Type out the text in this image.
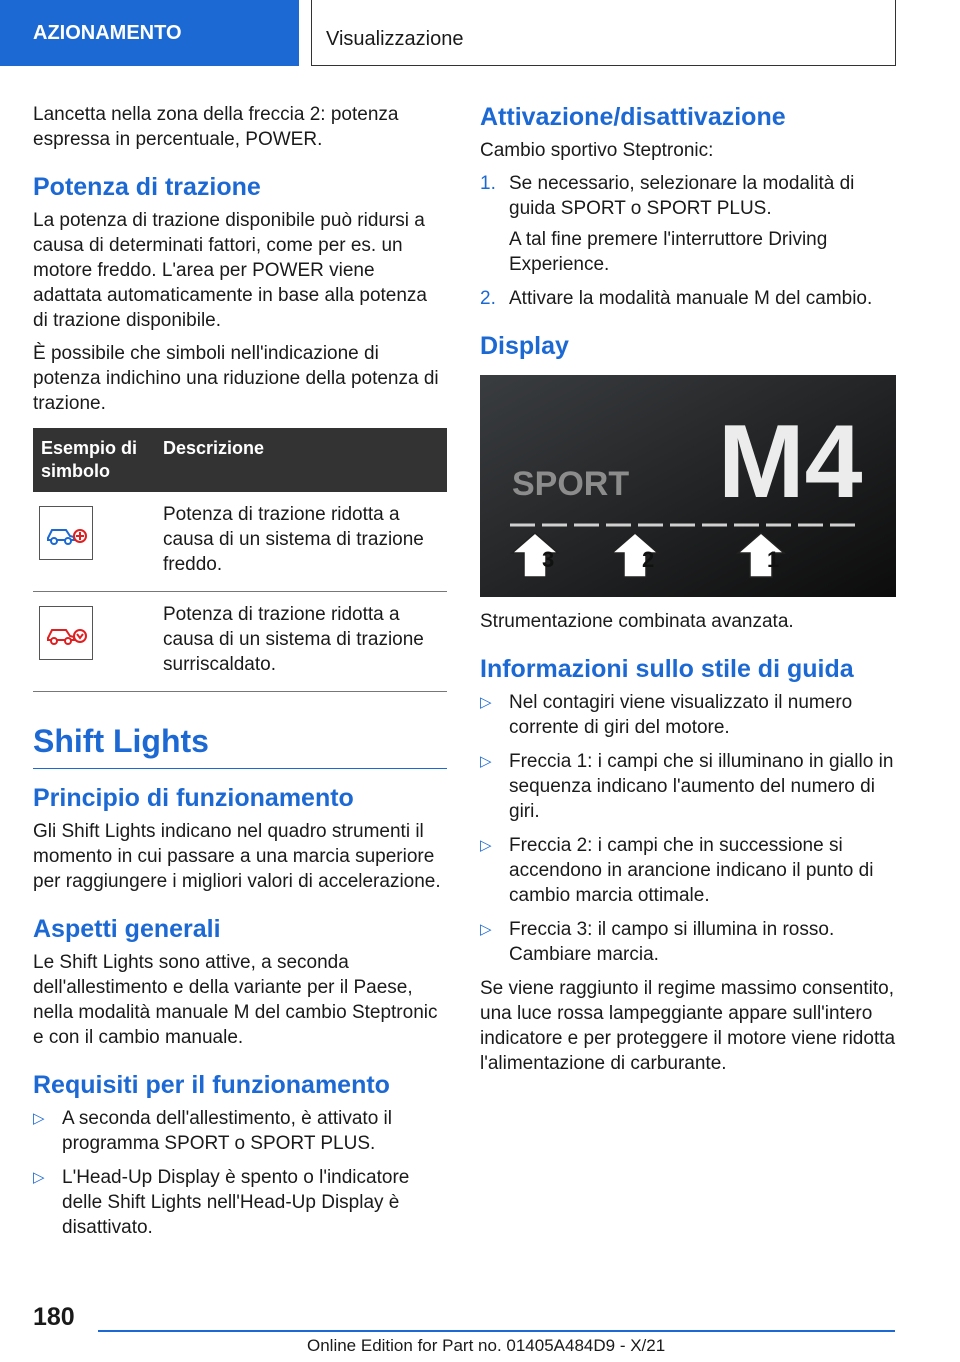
AZIONAMENTO	Visualizzazione

Lancetta nella zona della freccia 2: potenza espressa in percentuale, POWER.

Potenza di trazione

La potenza di trazione disponibile può ridursi a causa di determinati fattori, come per es. un motore freddo. L'area per POWER viene adattata automaticamente in base alla potenza di trazione disponibile.

È possibile che simboli nell'indicazione di potenza indichino una riduzione della potenza di trazione.

Esempio di simbolo	Descrizione

	Potenza di trazione ridotta a causa di un sistema di trazione freddo.

	Potenza di trazione ridotta a causa di un sistema di trazione surriscaldato.
Shift Lights
Principio di funzionamento

Gli Shift Lights indicano nel quadro strumenti il momento in cui passare a una marcia superiore per raggiungere i migliori valori di accelerazione.

Aspetti generali

Le Shift Lights sono attive, a seconda dell'allestimento e della variante per il Paese, nella modalità manuale M del cambio Steptronic e con il cambio manuale.

Requisiti per il funzionamento
▷ A seconda dell'allestimento, è attivato il programma SPORT o SPORT PLUS.
▷ L'Head-Up Display è spento o l'indicatore delle Shift Lights nell'Head-Up Display è disattivato.
Attivazione/disattivazione

Cambio sportivo Steptronic:

1. Se necessario, selezionare la modalità di guida SPORT o SPORT PLUS.

A tal fine premere l'interruttore Driving Experience.

2. Attivare la modalità manuale M del cambio.
Display
SPORT M4
3	2	1

Strumentazione combinata avanzata.

Informazioni sullo stile di guida
▷ Nel contagiri viene visualizzato il numero corrente di giri del motore.
▷ Freccia 1: i campi che si illuminano in giallo in sequenza indicano l'aumento del numero di giri.
▷ Freccia 2: i campi che in successione si accendono in arancione indicano il punto di cambio marcia ottimale.
▷ Freccia 3: il campo si illumina in rosso. Cambiare marcia.

Se viene raggiunto il regime massimo consentito, una luce rossa lampeggiante appare sull'intero indicatore e per proteggere il motore viene ridotta l'alimentazione di carburante.

180
Online Edition for Part no. 01405A484D9 - X/21
